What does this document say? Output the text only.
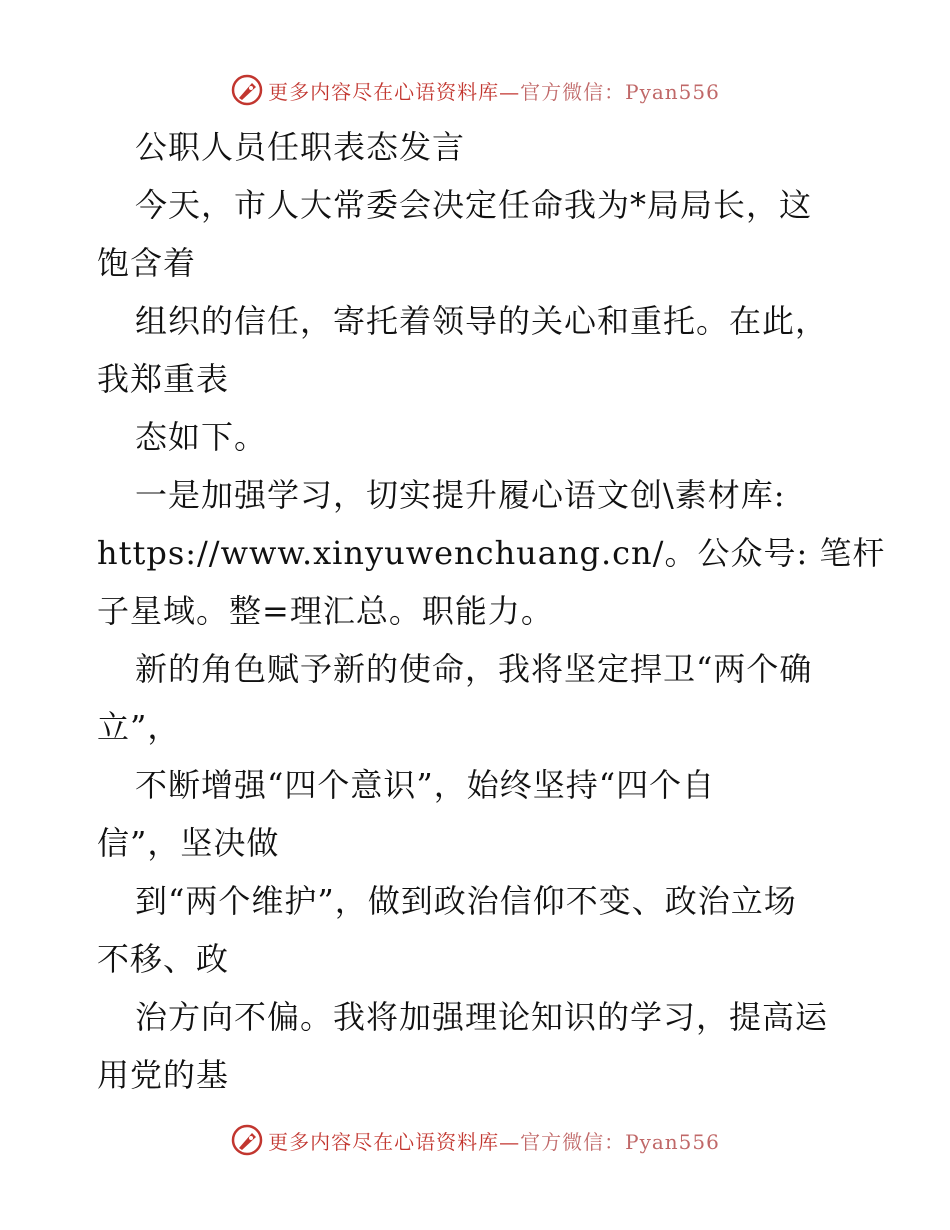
更多内容尽在心语资料库—官方微信：Pyan556
公职人员任职表态发言
今天，市人大常委会决定任命我为*局局长，这
饱含着
组织的信任，寄托着领导的关心和重托。在此，
我郑重表
态如下。
一是加强学习，切实提升履心语文创\素材库:
https://www.xinyuwenchuang.cn/。公众号: 笔杆
子星域。整=理汇总。职能力。
新的角色赋予新的使命，我将坚定捍卫“两个确
立”，
不断增强“四个意识”，始终坚持“四个自
信”，坚决做
到“两个维护”，做到政治信仰不变、政治立场
不移、政
治方向不偏。我将加强理论知识的学习，提高运
用党的基
更多内容尽在心语资料库—官方微信：Pyan556
